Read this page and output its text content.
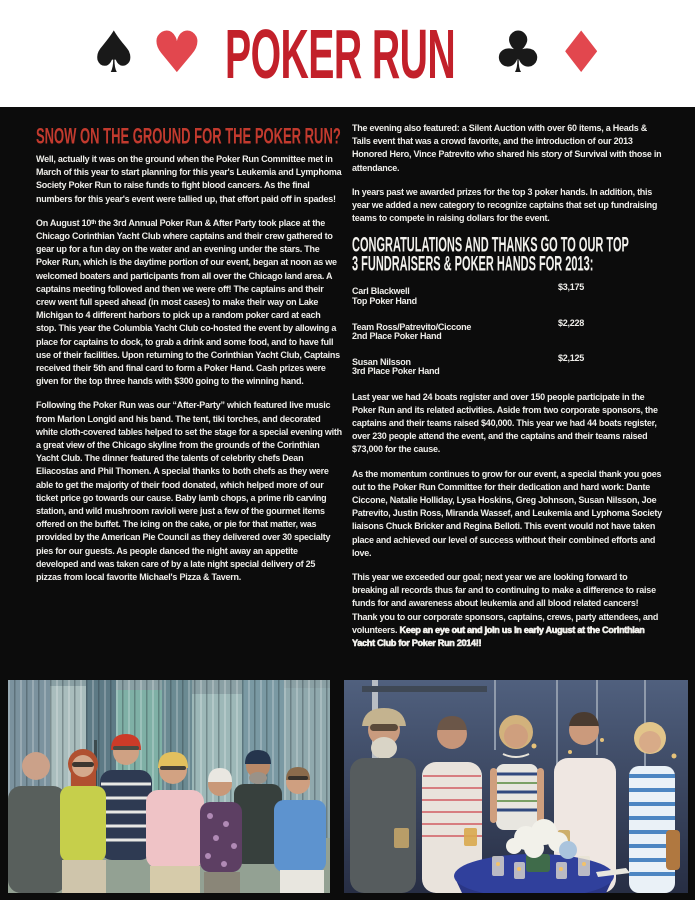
♠ ♥ POKER RUN ♣ ♦
SNOW ON THE GROUND FOR THE POKER RUN?

Well, actually it was on the ground when the Poker Run Committee met in March of this year to start planning for this year's Leukemia and Lymphoma Society Poker Run to raise funds to fight blood cancers. As the final numbers for this year's event were tallied up, that effort paid off in spades!

On August 10ᵗʰ the 3rd Annual Poker Run & After Party took place at the Chicago Corinthian Yacht Club where captains and their crew gathered to gear up for a fun day on the water and an evening under the stars. The Poker Run, which is the daytime portion of our event, began at noon as we welcomed boaters and participants from all over the Chicago land area. A captains meeting followed and then we were off! The captains and their crew went full speed ahead (in most cases) to make their way on Lake Michigan to 4 different harbors to pick up a random poker card at each stop. This year the Columbia Yacht Club co-hosted the event by allowing a place for captains to dock, to grab a drink and some food, and to have full use of their facilities. Upon returning to the Corinthian Yacht Club, Captains received their 5th and final card to form a Poker Hand. Cash prizes were given for the top three hands with $300 going to the winning hand.

Following the Poker Run was our “After-Party” which featured live music from Marlon Longid and his band. The tent, tiki torches, and decorated white cloth-covered tables helped to set the stage for a special evening with a great view of the Chicago skyline from the grounds of the Corinthian Yacht Club. The dinner featured the talents of celebrity chefs Dean Eliacostas and Phil Thomen. A special thanks to both chefs as they were able to get the majority of their food donated, which helped more of our ticket price go towards our cause. Baby lamb chops, a prime rib carving station, and wild mushroom ravioli were just a few of the gourmet items offered on the buffet. The icing on the cake, or pie for that matter, was provided by the American Pie Council as they delivered over 30 specialty pies for our guests. As people danced the night away an appetite developed and was taken care of by a late night special delivery of 25 pizzas from local favorite Michael's Pizza & Tavern.

The evening also featured: a Silent Auction with over 60 items, a Heads & Tails event that was a crowd favorite, and the introduction of our 2013 Honored Hero, Vince Patrevito who shared his story of Survival with those in attendance.

In years past we awarded prizes for the top 3 poker hands. In addition, this year we added a new category to recognize captains that set up fundraising teams to compete in raising dollars for the event.

CONGRATULATIONS AND THANKS GO TO OUR TOP
3 FUNDRAISERS & POKER HANDS FOR 2013:
Carl Blackwell	$3,175
Top Poker Hand
Team Ross/Patrevito/Ciccone	$2,228
2nd Place Poker Hand
Susan Nilsson	$2,125
3rd Place Poker Hand

Last year we had 24 boats register and over 150 people participate in the Poker Run and its related activities. Aside from two corporate sponsors, the captains and their teams raised $40,000. This year we had 44 boats register, over 230 people attend the event, and the captains and their teams raised $73,000 for the cause.

As the momentum continues to grow for our event, a special thank you goes out to the Poker Run Committee for their dedication and hard work: Dante Ciccone, Natalie Holliday, Lysa Hoskins, Greg Johnson, Susan Nilsson, Joe Patrevito, Justin Ross, Miranda Wassef, and Leukemia and Lyphoma Society liaisons Chuck Bricker and Regina Belloti. This event would not have taken place and achieved our level of success without their combined efforts and love.

This year we exceeded our goal; next year we are looking forward to breaking all records thus far and to continuing to make a difference to raise funds for and awareness about leukemia and all blood related cancers! Thank you to our corporate sponsors, captains, crews, party attendees, and volunteers. Keep an eye out and join us in early August at the Corinthian Yacht Club for Poker Run 2014!!
